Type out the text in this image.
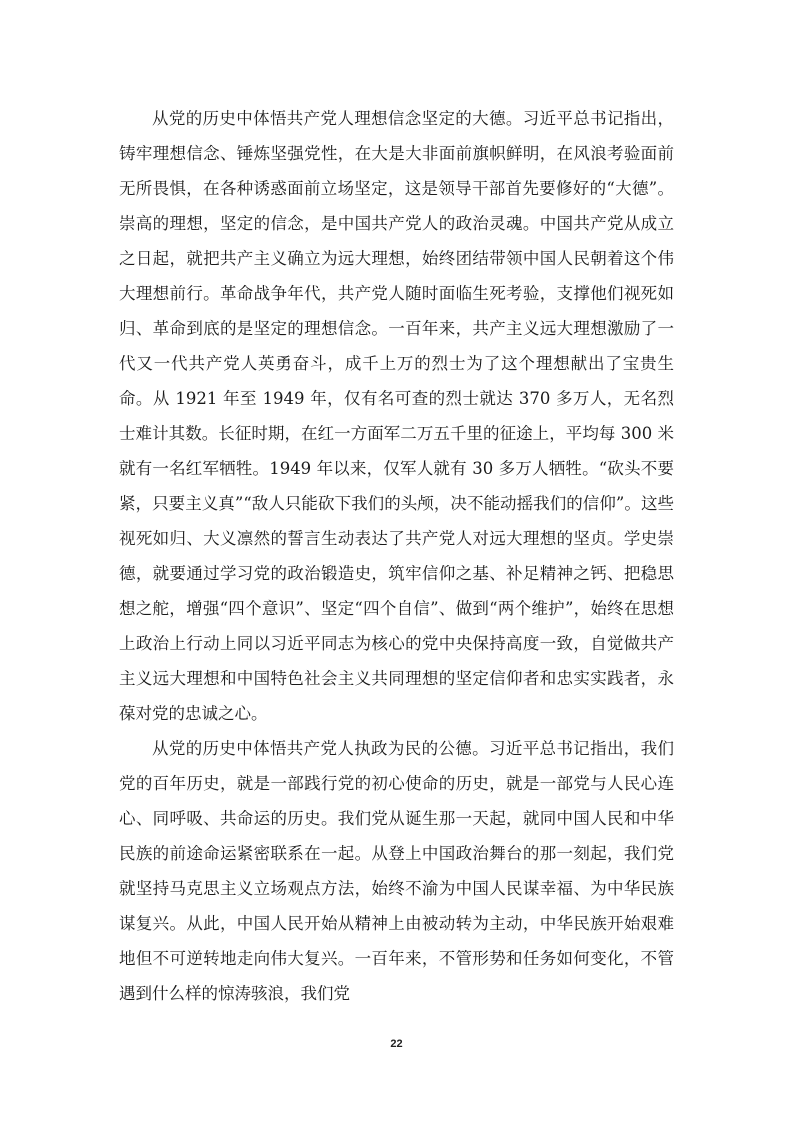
从党的历史中体悟共产党人理想信念坚定的大德。习近平总书记指出，铸牢理想信念、锤炼坚强党性，在大是大非面前旗帜鲜明，在风浪考验面前无所畏惧，在各种诱惑面前立场坚定，这是领导干部首先要修好的“大德”。崇高的理想，坚定的信念，是中国共产党人的政治灵魂。中国共产党从成立之日起，就把共产主义确立为远大理想，始终团结带领中国人民朝着这个伟大理想前行。革命战争年代，共产党人随时面临生死考验，支撑他们视死如归、革命到底的是坚定的理想信念。一百年来，共产主义远大理想激励了一代又一代共产党人英勇奋斗，成千上万的烈士为了这个理想献出了宝贵生命。从 1921 年至 1949 年，仅有名可查的烈士就达 370 多万人，无名烈士难计其数。长征时期，在红一方面军二万五千里的征途上，平均每 300 米就有一名红军牺牲。1949 年以来，仅军人就有 30 多万人牺牲。“砍头不要紧，只要主义真”“敌人只能砍下我们的头颅，决不能动摇我们的信仰”。这些视死如归、大义凛然的誓言生动表达了共产党人对远大理想的坚贞。学史崇德，就要通过学习党的政治锻造史，筑牢信仰之基、补足精神之钙、把稳思想之舵，增强“四个意识”、坚定“四个自信”、做到“两个维护”，始终在思想上政治上行动上同以习近平同志为核心的党中央保持高度一致，自觉做共产主义远大理想和中国特色社会主义共同理想的坚定信仰者和忠实实践者，永葆对党的忠诚之心。

从党的历史中体悟共产党人执政为民的公德。习近平总书记指出，我们党的百年历史，就是一部践行党的初心使命的历史，就是一部党与人民心连心、同呼吸、共命运的历史。我们党从诞生那一天起，就同中国人民和中华民族的前途命运紧密联系在一起。从登上中国政治舞台的那一刻起，我们党就坚持马克思主义立场观点方法，始终不渝为中国人民谋幸福、为中华民族谋复兴。从此，中国人民开始从精神上由被动转为主动，中华民族开始艰难地但不可逆转地走向伟大复兴。一百年来，不管形势和任务如何变化，不管遇到什么样的惊涛骇浪，我们党

22
